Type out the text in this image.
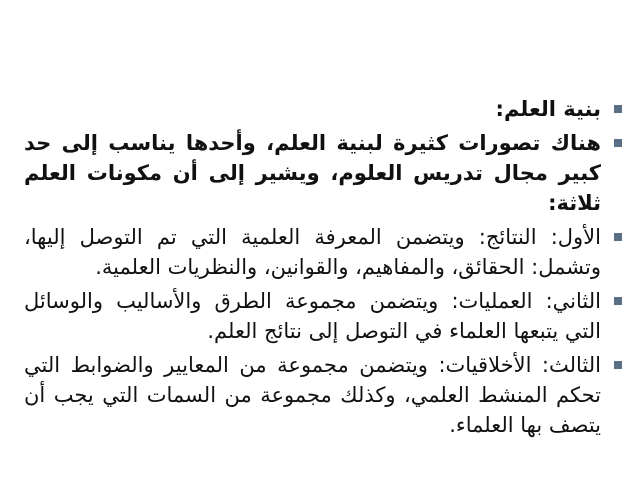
بنية العلم:
هناك تصورات كثيرة لبنية العلم، وأحدها يناسب إلى حد كبير مجال تدريس العلوم، ويشير إلى أن مكونات العلم ثلاثة:
الأول: النتائج: ويتضمن المعرفة العلمية التي تم التوصل إليها، وتشمل: الحقائق، والمفاهيم، والقوانين، والنظريات العلمية.
الثاني: العمليات: ويتضمن مجموعة الطرق والأساليب والوسائل التي يتبعها العلماء في التوصل إلى نتائج العلم.
الثالث: الأخلاقيات: ويتضمن مجموعة من المعايير والضوابط التي تحكم المنشط العلمي، وكذلك مجموعة من السمات التي يجب أن يتصف بها العلماء.
